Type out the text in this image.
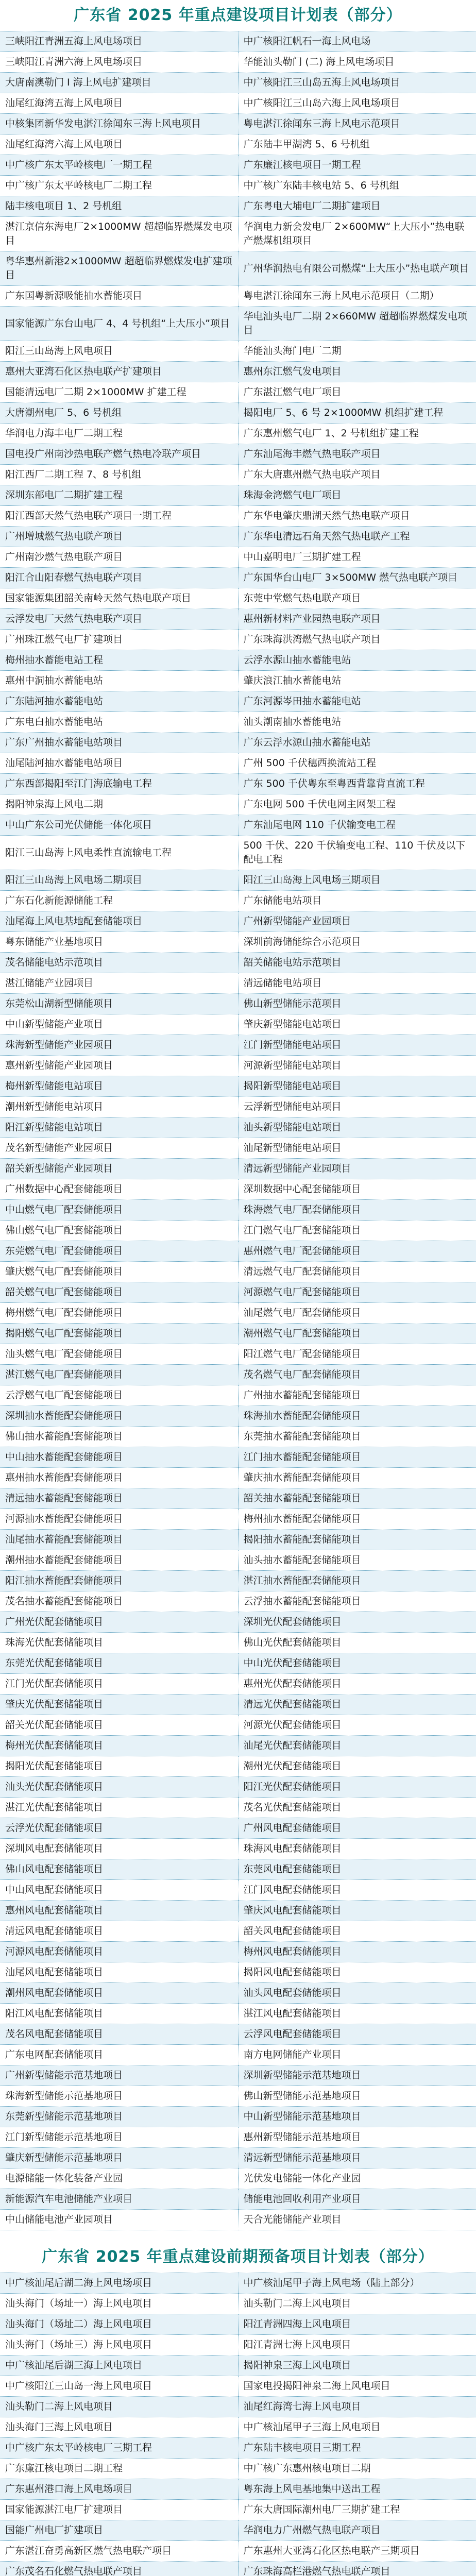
广东省 2025 年重点建设项目计划表（部分）
三峡阳江青洲五海上风电场项目	中广核阳江帆石一海上风电场
三峡阳江青洲六海上风电场项目	华能汕头勒门 (二) 海上风电场项目
大唐南澳勒门 I 海上风电扩建项目	中广核阳江三山岛五海上风电场项目
汕尾红海湾五海上风电项目	中广核阳江三山岛六海上风电场项目
中核集团新华发电湛江徐闻东三海上风电项目	粤电湛江徐闻东三海上风电示范项目
汕尾红海湾六海上风电项目	广东陆丰甲湖湾 5、6 号机组
中广核广东太平岭核电厂一期工程	广东廉江核电项目一期工程
中广核广东太平岭核电厂二期工程	中广核广东陆丰核电站 5、6 号机组
陆丰核电项目 1、2 号机组	广东粤电大埔电厂二期扩建项目
湛江京信东海电厂2×1000MW 超超临界燃煤发电项目	华润电力新会发电厂 2×600MW“上大压小”热电联产燃煤机组项目
粤华惠州新港2×1000MW 超超临界燃煤发电扩建项目	广州华润热电有限公司燃煤“上大压小”热电联产项目
广东国粤新源吸能抽水蓄能项目	粤电湛江徐闻东三海上风电示范项目（二期）
国家能源广东台山电厂 4、4 号机组“上大压小”项目	华电汕头电厂二期 2×660MW 超超临界燃煤发电项目
阳江三山岛海上风电项目	华能汕头海门电厂二期
惠州大亚湾石化区热电联产扩建项目	惠州东江燃气发电项目
国能清远电厂二期 2×1000MW 扩建工程	广东湛江燃气电厂项目
大唐潮州电厂 5、6 号机组	揭阳电厂 5、6 号 2×1000MW 机组扩建工程
华润电力海丰电厂二期工程	广东惠州燃气电厂 1、2 号机组扩建工程
国电投广州南沙热电联产燃气热电冷联产项目	广东汕尾海丰燃气热电联产项目
阳江西厂二期工程 7、8 号机组	广东大唐惠州燃气热电联产项目
深圳东部电厂二期扩建工程	珠海金湾燃气电厂项目
阳江西部天然气热电联产项目一期工程	广东华电肇庆鼎湖天然气热电联产项目
广州增城燃气热电联产项目	广东华电清远石角天然气热电联产工程
广州南沙燃气热电联产项目	中山嘉明电厂三期扩建工程
阳江合山阳春燃气热电联产项目	广东国华台山电厂 3×500MW 燃气热电联产项目
国家能源集团韶关南岭天然气热电联产项目	东莞中堂燃气热电联产项目
云浮发电厂天然气热电联产项目	惠州新材料产业园热电联产项目
广州珠江燃气电厂扩建项目	广东珠海洪湾燃气热电联产项目
梅州抽水蓄能电站工程	云浮水源山抽水蓄能电站
惠州中洞抽水蓄能电站	肇庆浪江抽水蓄能电站
广东陆河抽水蓄能电站	广东河源岑田抽水蓄能电站
广东电白抽水蓄能电站	汕头潮南抽水蓄能电站
广东广州抽水蓄能电站项目	广东云浮水源山抽水蓄能电站
汕尾陆河抽水蓄能电站项目	广州 500 千伏穗西换流站工程
广东西部揭阳至江门海底输电工程	广东 500 千伏粤东至粤西背靠背直流工程
揭阳神泉海上风电二期	广东电网 500 千伏电网主网架工程
中山广东公司光伏储能一体化项目	广东汕尾电网 110 千伏输变电工程
阳江三山岛海上风电柔性直流输电工程	500 千伏、220 千伏输变电工程、110 千伏及以下配电工程
阳江三山岛海上风电场二期项目	阳江三山岛海上风电场三期项目
广东石化新能源储能工程	广东储能电站项目
汕尾海上风电基地配套储能项目	广州新型储能产业园项目
粤东储能产业基地项目	深圳前海储能综合示范项目
茂名储能电站示范项目	韶关储能电站示范项目
湛江储能产业园项目	清远储能电站项目
东莞松山湖新型储能项目	佛山新型储能示范项目
中山新型储能产业项目	肇庆新型储能电站项目
珠海新型储能产业园项目	江门新型储能电站项目
惠州新型储能产业园项目	河源新型储能电站项目
梅州新型储能电站项目	揭阳新型储能电站项目
潮州新型储能电站项目	云浮新型储能电站项目
阳江新型储能电站项目	汕头新型储能电站项目
茂名新型储能产业园项目	汕尾新型储能电站项目
韶关新型储能产业园项目	清远新型储能产业园项目
广州数据中心配套储能项目	深圳数据中心配套储能项目
中山燃气电厂配套储能项目	珠海燃气电厂配套储能项目
佛山燃气电厂配套储能项目	江门燃气电厂配套储能项目
东莞燃气电厂配套储能项目	惠州燃气电厂配套储能项目
肇庆燃气电厂配套储能项目	清远燃气电厂配套储能项目
韶关燃气电厂配套储能项目	河源燃气电厂配套储能项目
梅州燃气电厂配套储能项目	汕尾燃气电厂配套储能项目
揭阳燃气电厂配套储能项目	潮州燃气电厂配套储能项目
汕头燃气电厂配套储能项目	阳江燃气电厂配套储能项目
湛江燃气电厂配套储能项目	茂名燃气电厂配套储能项目
云浮燃气电厂配套储能项目	广州抽水蓄能配套储能项目
深圳抽水蓄能配套储能项目	珠海抽水蓄能配套储能项目
佛山抽水蓄能配套储能项目	东莞抽水蓄能配套储能项目
中山抽水蓄能配套储能项目	江门抽水蓄能配套储能项目
惠州抽水蓄能配套储能项目	肇庆抽水蓄能配套储能项目
清远抽水蓄能配套储能项目	韶关抽水蓄能配套储能项目
河源抽水蓄能配套储能项目	梅州抽水蓄能配套储能项目
汕尾抽水蓄能配套储能项目	揭阳抽水蓄能配套储能项目
潮州抽水蓄能配套储能项目	汕头抽水蓄能配套储能项目
阳江抽水蓄能配套储能项目	湛江抽水蓄能配套储能项目
茂名抽水蓄能配套储能项目	云浮抽水蓄能配套储能项目
广州光伏配套储能项目	深圳光伏配套储能项目
珠海光伏配套储能项目	佛山光伏配套储能项目
东莞光伏配套储能项目	中山光伏配套储能项目
江门光伏配套储能项目	惠州光伏配套储能项目
肇庆光伏配套储能项目	清远光伏配套储能项目
韶关光伏配套储能项目	河源光伏配套储能项目
梅州光伏配套储能项目	汕尾光伏配套储能项目
揭阳光伏配套储能项目	潮州光伏配套储能项目
汕头光伏配套储能项目	阳江光伏配套储能项目
湛江光伏配套储能项目	茂名光伏配套储能项目
云浮光伏配套储能项目	广州风电配套储能项目
深圳风电配套储能项目	珠海风电配套储能项目
佛山风电配套储能项目	东莞风电配套储能项目
中山风电配套储能项目	江门风电配套储能项目
惠州风电配套储能项目	肇庆风电配套储能项目
清远风电配套储能项目	韶关风电配套储能项目
河源风电配套储能项目	梅州风电配套储能项目
汕尾风电配套储能项目	揭阳风电配套储能项目
潮州风电配套储能项目	汕头风电配套储能项目
阳江风电配套储能项目	湛江风电配套储能项目
茂名风电配套储能项目	云浮风电配套储能项目
广东电网配套储能项目	南方电网储能产业项目
广州新型储能示范基地项目	深圳新型储能示范基地项目
珠海新型储能示范基地项目	佛山新型储能示范基地项目
东莞新型储能示范基地项目	中山新型储能示范基地项目
江门新型储能示范基地项目	惠州新型储能示范基地项目
肇庆新型储能示范基地项目	清远新型储能示范基地项目
电源储能一体化装备产业园	光伏发电储能一体化产业园
新能源汽车电池储能产业项目	储能电池回收利用产业项目
中山储能电池产业园项目	天合光能储能产业项目
广东省 2025 年重点建设前期预备项目计划表（部分）
中广核汕尾后湖二海上风电场项目	中广核汕尾甲子海上风电场（陆上部分）
汕头海门（场址一）海上风电项目	汕头勒门二海上风电项目
汕头海门（场址二）海上风电项目	阳江青洲四海上风电项目
汕头海门（场址三）海上风电项目	阳江青洲七海上风电项目
中广核汕尾后湖三海上风电项目	揭阳神泉三海上风电项目
中广核阳江三山岛一海上风电项目	国家电投揭阳神泉二海上风电项目
汕头勒门二海上风电项目	汕尾红海湾七海上风电项目
汕头海门三海上风电项目	中广核汕尾甲子三海上风电项目
中广核广东太平岭核电厂三期工程	广东陆丰核电项目三期工程
广东廉江核电项目二期工程	中广核广东惠州核电项目二期
广东惠州港口海上风电场项目	粤东海上风电基地集中送出工程
国家能源湛江电厂扩建项目	广东大唐国际潮州电厂三期扩建工程
国能广州电厂扩建项目	华润电力广州燃气热电联产项目
广东湛江奋勇高新区燃气热电联产项目	广东惠州大亚湾石化区热电联产三期项目
广东茂名石化燃气热电联产项目	广东珠海高栏港燃气热电联产项目
